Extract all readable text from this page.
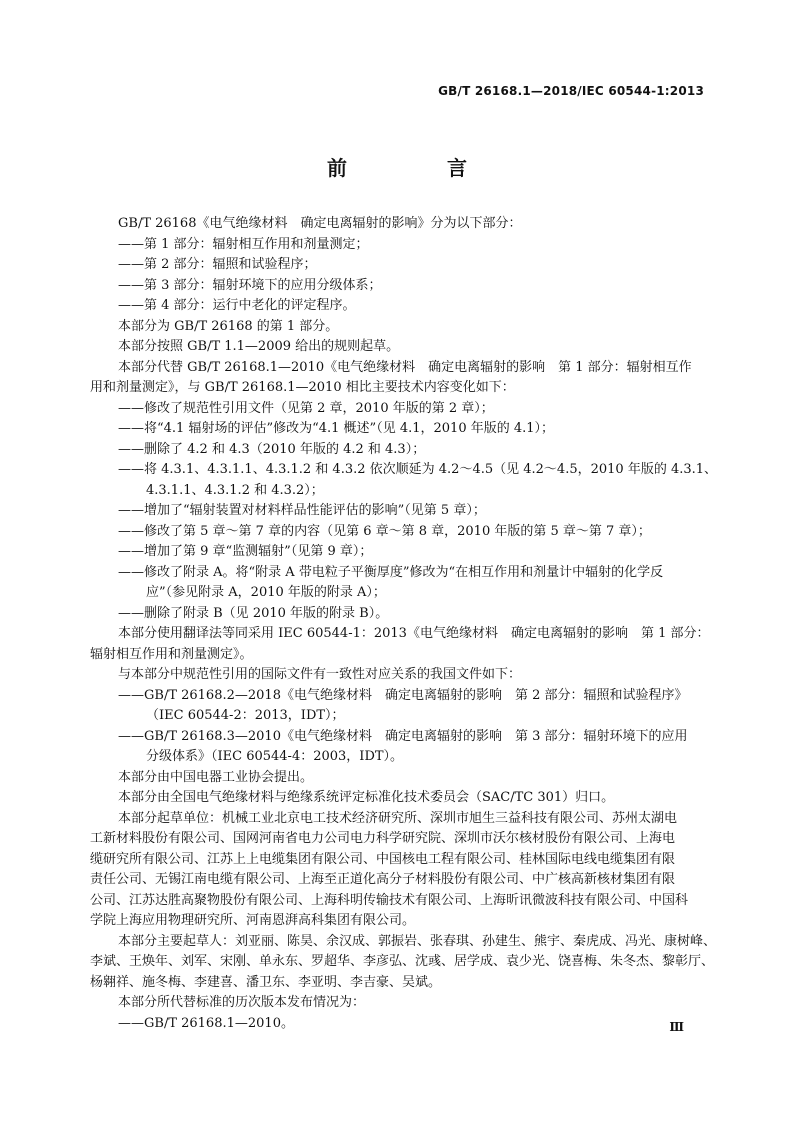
GB/T 26168.1—2018/IEC 60544-1:2013
前　言
GB/T 26168《电气绝缘材料　确定电离辐射的影响》分为以下部分：
——第 1 部分：辐射相互作用和剂量测定；
——第 2 部分：辐照和试验程序；
——第 3 部分：辐射环境下的应用分级体系；
——第 4 部分：运行中老化的评定程序。
本部分为 GB/T 26168 的第 1 部分。
本部分按照 GB/T 1.1—2009 给出的规则起草。
本部分代替 GB/T 26168.1—2010《电气绝缘材料　确定电离辐射的影响　第 1 部分：辐射相互作
用和剂量测定》，与 GB/T 26168.1—2010 相比主要技术内容变化如下：
——修改了规范性引用文件（见第 2 章，2010 年版的第 2 章）；
——将“4.1 辐射场的评估”修改为“4.1 概述”（见 4.1，2010 年版的 4.1）；
——删除了 4.2 和 4.3（2010 年版的 4.2 和 4.3）；
——将 4.3.1、4.3.1.1、4.3.1.2 和 4.3.2 依次顺延为 4.2～4.5（见 4.2～4.5，2010 年版的 4.3.1、
4.3.1.1、4.3.1.2 和 4.3.2）；
——增加了“辐射装置对材料样品性能评估的影响”（见第 5 章）；
——修改了第 5 章～第 7 章的内容（见第 6 章～第 8 章，2010 年版的第 5 章～第 7 章）；
——增加了第 9 章“监测辐射”（见第 9 章）；
——修改了附录 A。将“附录 A 带电粒子平衡厚度”修改为“在相互作用和剂量计中辐射的化学反
应”（参见附录 A，2010 年版的附录 A）；
——删除了附录 B（见 2010 年版的附录 B）。
本部分使用翻译法等同采用 IEC 60544-1：2013《电气绝缘材料　确定电离辐射的影响　第 1 部分：
辐射相互作用和剂量测定》。
与本部分中规范性引用的国际文件有一致性对应关系的我国文件如下：
——GB/T 26168.2—2018《电气绝缘材料　确定电离辐射的影响　第 2 部分：辐照和试验程序》
（IEC 60544-2：2013，IDT）；
——GB/T 26168.3—2010《电气绝缘材料　确定电离辐射的影响　第 3 部分：辐射环境下的应用
分级体系》（IEC 60544-4：2003，IDT）。
本部分由中国电器工业协会提出。
本部分由全国电气绝缘材料与绝缘系统评定标准化技术委员会（SAC/TC 301）归口。
本部分起草单位：机械工业北京电工技术经济研究所、深圳市旭生三益科技有限公司、苏州太湖电
工新材料股份有限公司、国网河南省电力公司电力科学研究院、深圳市沃尔核材股份有限公司、上海电
缆研究所有限公司、江苏上上电缆集团有限公司、中国核电工程有限公司、桂林国际电线电缆集团有限
责任公司、无锡江南电缆有限公司、上海至正道化高分子材料股份有限公司、中广核高新核材集团有限
公司、江苏达胜高聚物股份有限公司、上海科明传输技术有限公司、上海昕讯微波科技有限公司、中国科
学院上海应用物理研究所、河南恩湃高科集团有限公司。
本部分主要起草人：刘亚丽、陈昊、余汉成、郭振岩、张春琪、孙建生、熊宇、秦虎成、冯光、康树峰、
李斌、王焕年、刘军、宋刚、单永东、罗超华、李彦弘、沈彧、居学成、袁少光、饶喜梅、朱冬杰、黎彰厅、
杨翱祥、施冬梅、李建喜、潘卫东、李亚明、李吉豪、吴斌。
本部分所代替标准的历次版本发布情况为：
——GB/T 26168.1—2010。	Ⅲ
